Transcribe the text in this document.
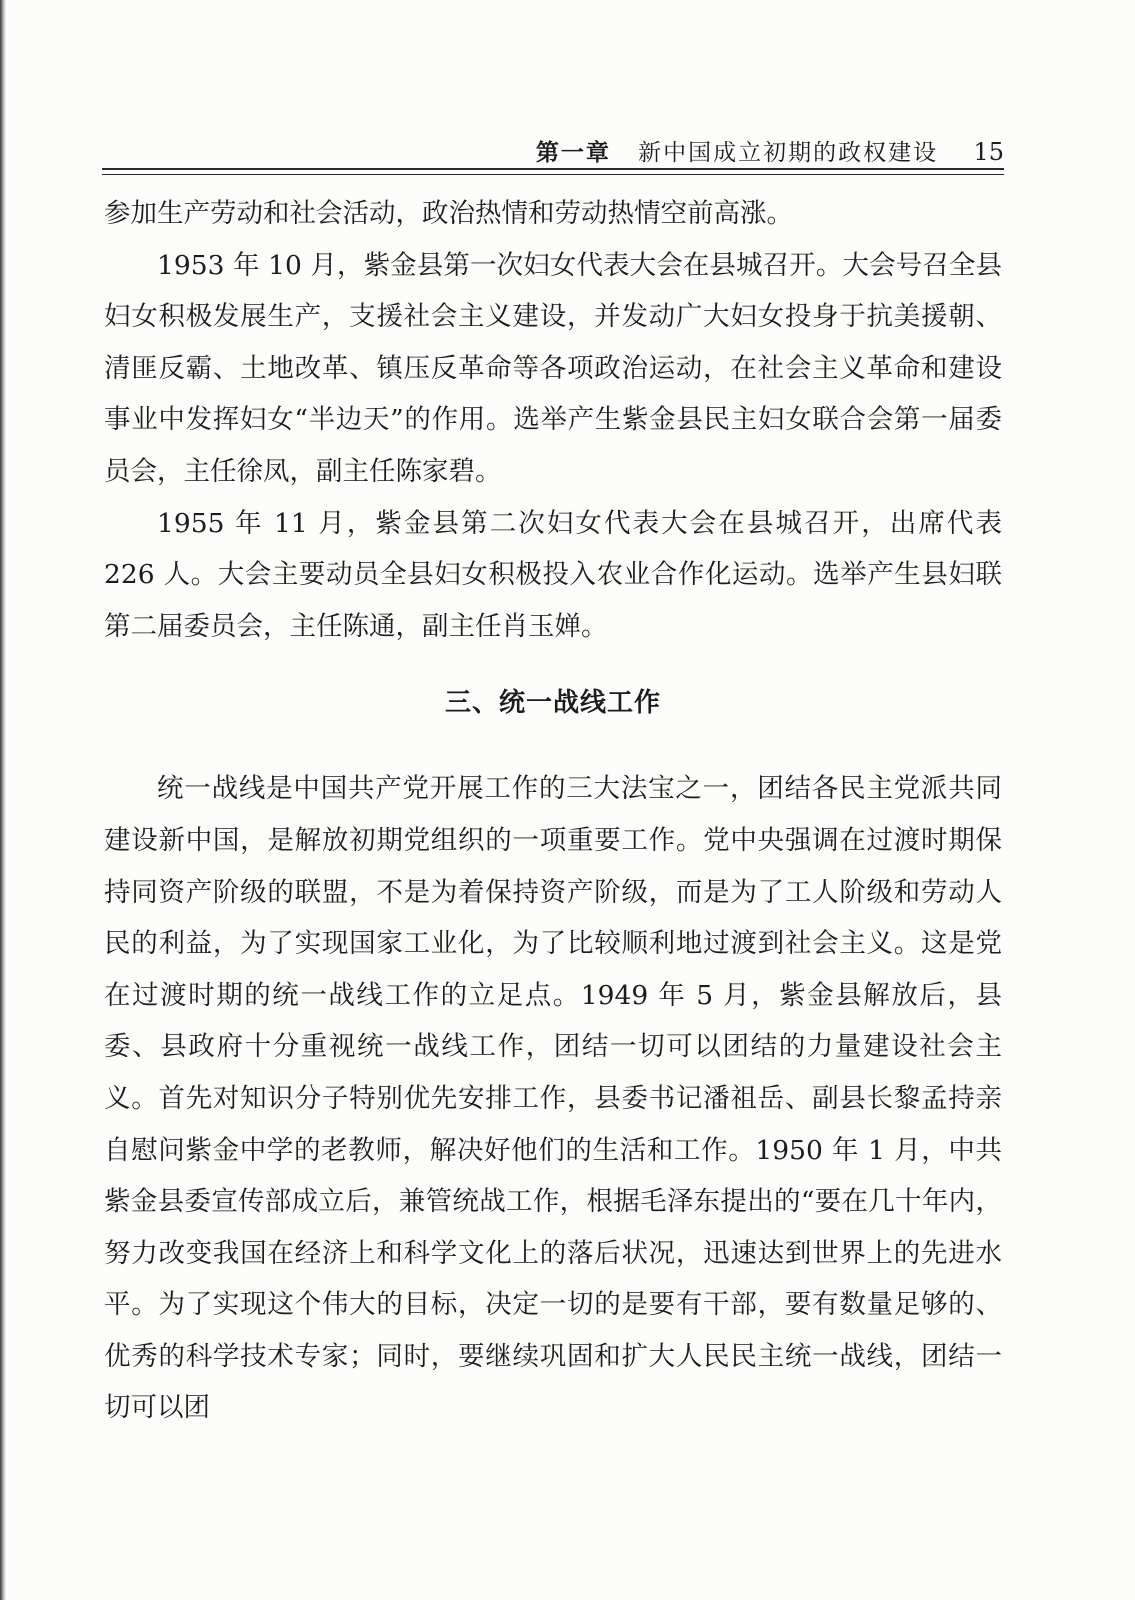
第一章 新中国成立初期的政权建设 15

参加生产劳动和社会活动，政治热情和劳动热情空前高涨。

1953 年 10 月，紫金县第一次妇女代表大会在县城召开。大会号召全县妇女积极发展生产，支援社会主义建设，并发动广大妇女投身于抗美援朝、清匪反霸、土地改革、镇压反革命等各项政治运动，在社会主义革命和建设事业中发挥妇女“半边天”的作用。选举产生紫金县民主妇女联合会第一届委员会，主任徐凤，副主任陈家碧。

1955 年 11 月，紫金县第二次妇女代表大会在县城召开，出席代表 226 人。大会主要动员全县妇女积极投入农业合作化运动。选举产生县妇联第二届委员会，主任陈通，副主任肖玉婵。

三、统一战线工作

统一战线是中国共产党开展工作的三大法宝之一，团结各民主党派共同建设新中国，是解放初期党组织的一项重要工作。党中央强调在过渡时期保持同资产阶级的联盟，不是为着保持资产阶级，而是为了工人阶级和劳动人民的利益，为了实现国家工业化，为了比较顺利地过渡到社会主义。这是党在过渡时期的统一战线工作的立足点。1949 年 5 月，紫金县解放后，县委、县政府十分重视统一战线工作，团结一切可以团结的力量建设社会主义。首先对知识分子特别优先安排工作，县委书记潘祖岳、副县长黎孟持亲自慰问紫金中学的老教师，解决好他们的生活和工作。1950 年 1 月，中共紫金县委宣传部成立后，兼管统战工作，根据毛泽东提出的“要在几十年内，努力改变我国在经济上和科学文化上的落后状况，迅速达到世界上的先进水平。为了实现这个伟大的目标，决定一切的是要有干部，要有数量足够的、优秀的科学技术专家；同时，要继续巩固和扩大人民民主统一战线，团结一切可以团
